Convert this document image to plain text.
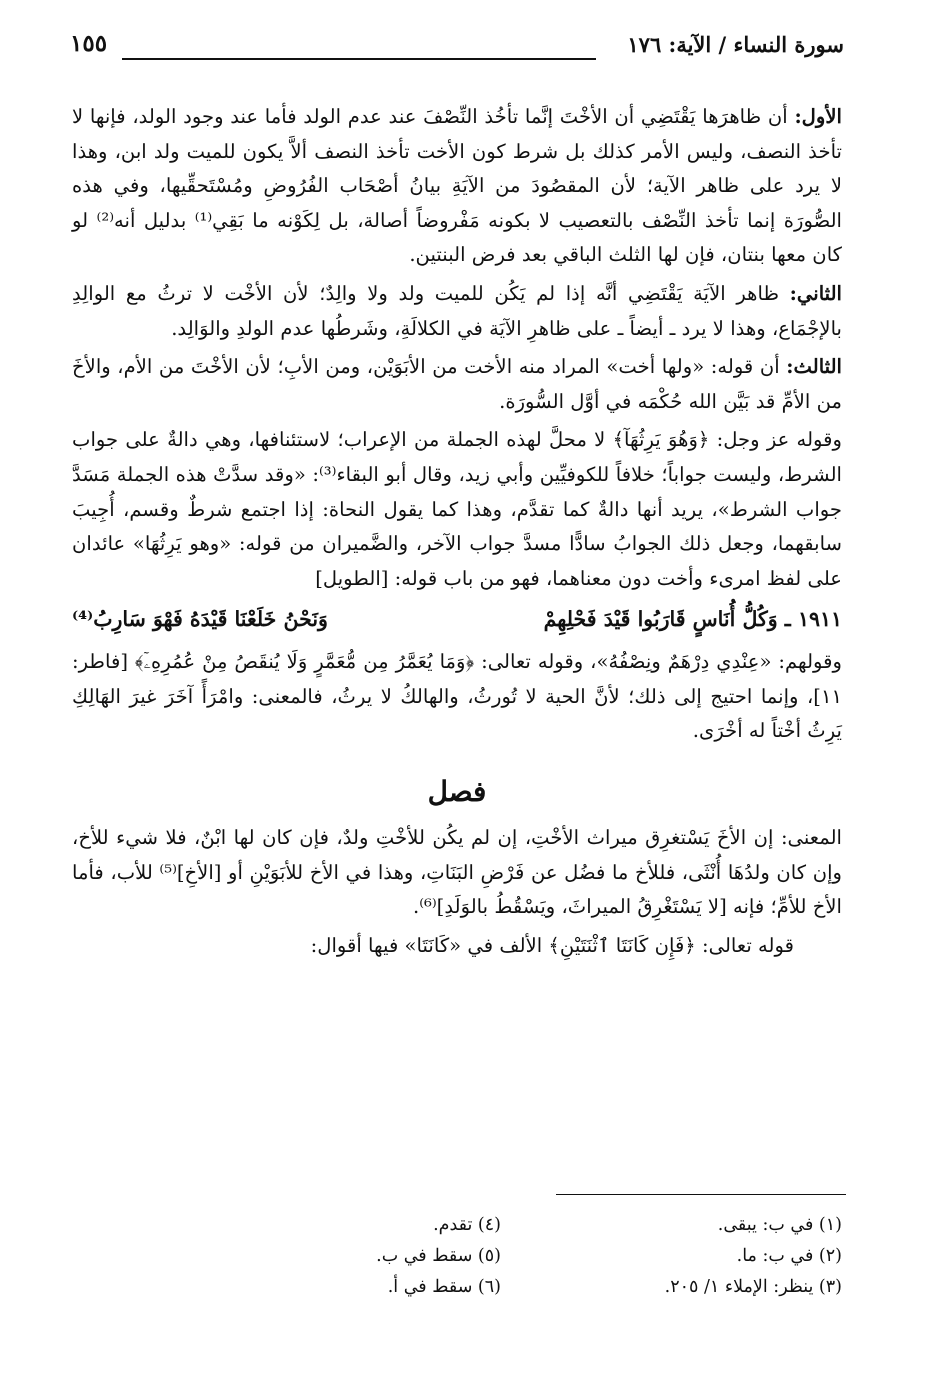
سورة النساء / الآية: ١٧٦
١٥٥

الأول: أن ظاهرَها يَقْتَضِي أن الأخْتَ إنَّما تأخُذ النِّصْفَ عند عدم الولد فأما عند وجود الولد، فإنها لا تأخذ النصف، وليس الأمر كذلك بل شرط كون الأخت تأخذ النصف ألاَّ يكون للميت ولد ابن، وهذا لا يرد على ظاهر الآية؛ لأن المقصُودَ من الآيَةِ بيانُ أصْحَاب الفُرُوضِ ومُسْتَحقِّيها، وفي هذه الصُّورَة إنما تأخذ النِّصْف بالتعصيب لا بكونه مَفْروضاً أصالة، بل لِكَوْنه ما بَقِي⁽¹⁾ بدليل أنه⁽²⁾ لو كان معها بنتان، فإن لها الثلث الباقي بعد فرض البنتين.

الثاني: ظاهر الآيَة يَقْتَضِي أنَّه إذا لم يَكُن للميت ولد ولا والِدٌ؛ لأن الأخْت لا ترثُ مع الوالِدِ بالإجْمَاع، وهذا لا يرد ـ أيضاً ـ على ظاهرِ الآيَة في الكلالَةِ، وشَرطُها عدم الولدِ والوَالِد.

الثالث: أن قوله: «ولها أخت» المراد منه الأخت من الأبَوَيْن، ومن الأبِ؛ لأن الأخْتَ من الأم، والأخَ من الأمِّ قد بَيَّن الله حُكْمَه في أوَّل السُّورَة.

وقوله عز وجل: ﴿وَهُوَ يَرِثُهَآ﴾ لا محلَّ لهذه الجملة من الإعراب؛ لاستئنافها، وهي دالةٌ على جواب الشرط، وليست جواباً؛ خلافاً للكوفيِّين وأبي زيد، وقال أبو البقاء⁽³⁾: «وقد سدَّتْ هذه الجملة مَسَدَّ جواب الشرط»، يريد أنها دالةٌ كما تقدَّم، وهذا كما يقول النحاة: إذا اجتمع شرطٌ وقسم، أُجِيبَ سابقهما، وجعل ذلك الجوابُ سادًّا مسدَّ جواب الآخر، والضَّميران من قوله: «وهو يَرِثُهَا» عائدان على لفظ امرىء وأخت دون معناهما، فهو من باب قوله: [الطويل]

١٩١١ ـ وَكُلُّ أُنَاسٍ قَارَبُوا قَيْدَ فَحْلِهِمْ
وَنَحْنُ خَلَعْنَا قَيْدَهُ فَهْوَ سَارِبُ⁽⁴⁾

وقولهم: «عِنْدِي دِرْهَمٌ ونِصْفُهُ»، وقوله تعالى: ﴿وَمَا يُعَمَّرُ مِن مُّعَمَّرٍ وَلَا يُنقَصُ مِنْ عُمُرِهِۦٓ﴾ [فاطر: ١١]، وإنما احتيج إلى ذلك؛ لأنَّ الحية لا تُورثُ، والهالكُ لا يرثُ، فالمعنى: وامْرَأً آخَرَ غيرَ الهَالِكِ يَرِثُ أخْتاً له أخْرَى.

فصل

المعنى: إن الأخَ يَسْتغرِق ميراث الأخْتِ، إن لم يكُن للأخْتِ ولدٌ، فإن كان لها ابْنٌ، فلا شيء للأخ، وإن كان ولدُهَا أُنْثَى، فللأخ ما فضُل عن فَرْضِ البَنَاتِ، وهذا في الأخ للأبَوَيْنِ أو [الأخِ]⁽⁵⁾ للأب، فأما الأخ للأمِّ؛ فإنه [لا يَسْتَغْرِقُ الميراثَ، ويَسْقُطُ بالوَلَدِ]⁽⁶⁾.

قوله تعالى: ﴿فَإِن كَانَتَا ٱثْنَتَيْنِ﴾ الألف في «كَانَتَا» فيها أقوال:

(١) في ب: يبقى.
(٢) في ب: ما.
(٣) ينظر: الإملاء ١/ ٢٠٥.
(٤) تقدم.
(٥) سقط في ب.
(٦) سقط في أ.
